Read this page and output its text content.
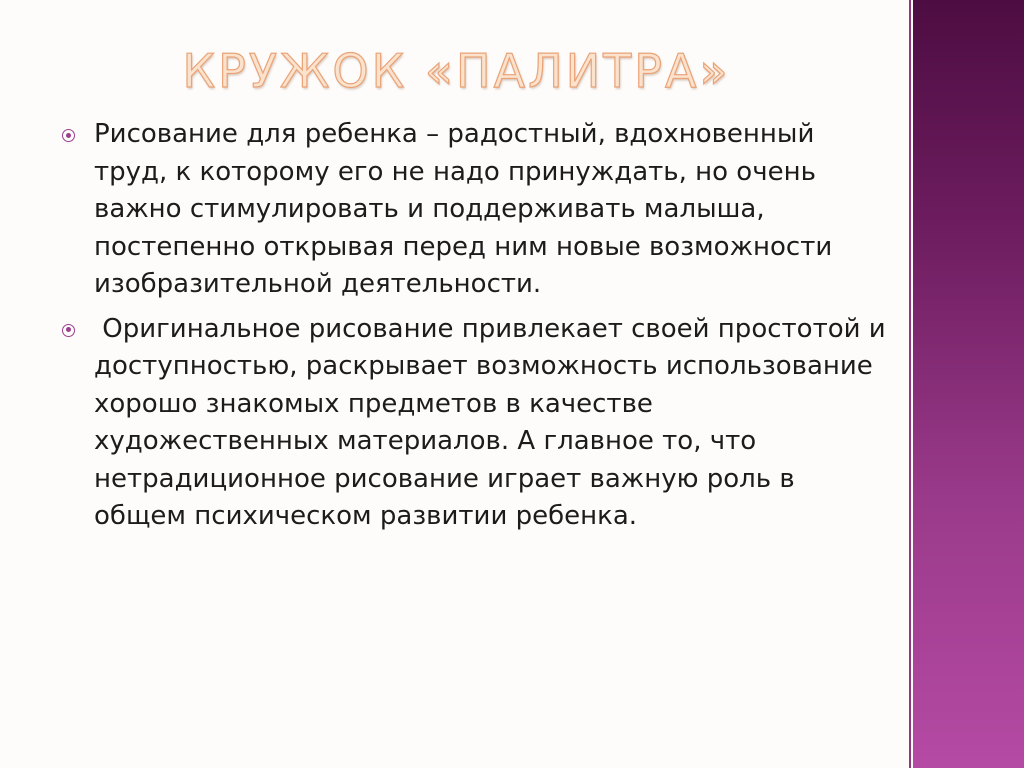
КРУЖОК «ПАЛИТРА»
Рисование для ребенка – радостный, вдохновенный труд, к которому его не надо принуждать, но очень важно стимулировать и поддерживать малыша, постепенно открывая перед ним новые возможности изобразительной деятельности.
Оригинальное рисование привлекает своей простотой и доступностью, раскрывает возможность использование хорошо знакомых предметов в качестве художественных материалов. А главное то, что нетрадиционное рисование играет важную роль в общем психическом развитии ребенка.
